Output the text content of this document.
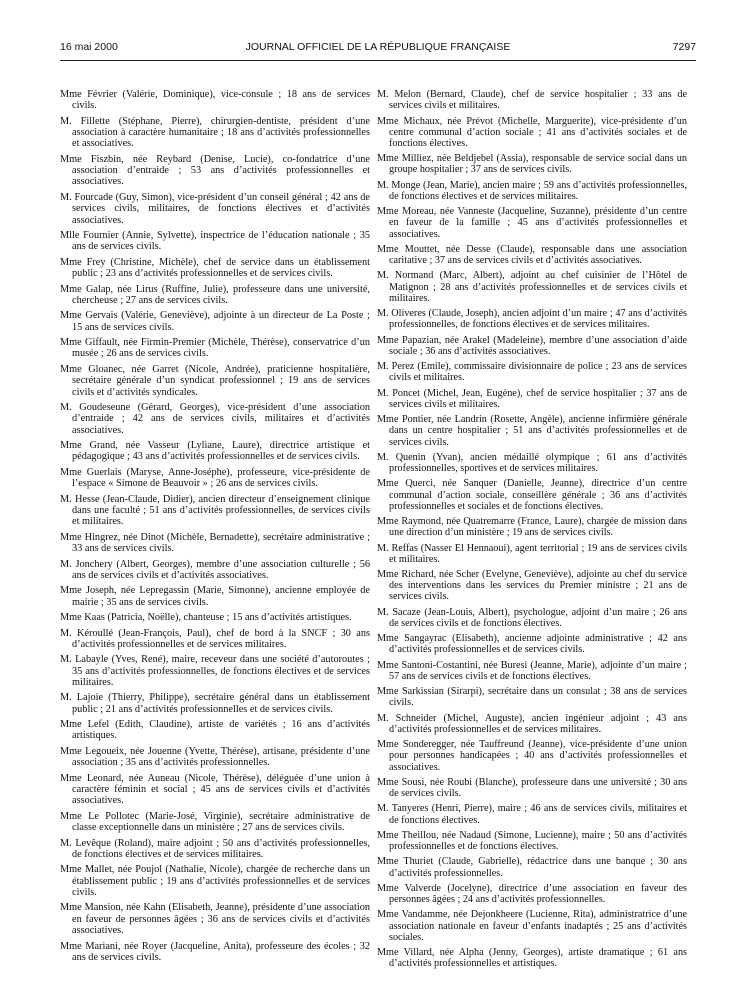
16 mai 2000	JOURNAL OFFICIEL DE LA RÉPUBLIQUE FRANÇAISE	7297

Mme Février (Valérie, Dominique), vice-consule ; 18 ans de services civils.

M. Fillette (Stéphane, Pierre), chirurgien-dentiste, président d’une association à caractère humanitaire ; 18 ans d’activités professionnelles et associatives.

Mme Fiszbin, née Reybard (Denise, Lucie), co-fondatrice d’une association d’entraide ; 53 ans d’activités professionnelles et associatives.

M. Fourcade (Guy, Simon), vice-président d’un conseil général ; 42 ans de services civils, militaires, de fonctions électives et d’activités associatives.

Mlle Fournier (Annie, Sylvette), inspectrice de l’éducation nationale ; 35 ans de services civils.

Mme Frey (Christine, Michèle), chef de service dans un établissement public ; 23 ans d’activités professionnelles et de services civils.

Mme Galap, née Lirus (Ruffine, Julie), professeure dans une université, chercheuse ; 27 ans de services civils.

Mme Gervais (Valérie, Geneviève), adjointe à un directeur de La Poste ; 15 ans de services civils.

Mme Giffault, née Firmin-Premier (Michèle, Thérèse), conservatrice d’un musée ; 26 ans de services civils.

Mme Gloanec, née Garret (Nicole, Andrée), praticienne hospitalière, secrétaire générale d’un syndicat professionnel ; 19 ans de services civils et d’activités syndicales.

M. Goudeseune (Gérard, Georges), vice-président d’une association d’entraide ; 42 ans de services civils, militaires et d’activités associatives.

Mme Grand, née Vasseur (Lyliane, Laure), directrice artistique et pédagogique ; 43 ans d’activités professionnelles et de services civils.

Mme Guerlais (Maryse, Anne-Joséphe), professeure, vice-présidente de l’espace « Simone de Beauvoir » ; 26 ans de services civils.

M. Hesse (Jean-Claude, Didier), ancien directeur d’enseignement clinique dans une faculté ; 51 ans d’activités professionnelles, de services civils et militaires.

Mme Hingrez, née Dinot (Michèle, Bernadette), secrétaire administrative ; 33 ans de services civils.

M. Jonchery (Albert, Georges), membre d’une association culturelle ; 56 ans de services civils et d’activités associatives.

Mme Joseph, née Lepregassin (Marie, Simonne), ancienne employée de mairie ; 35 ans de services civils.

Mme Kaas (Patricia, Noëlle), chanteuse ; 15 ans d’activités artistiques.

M. Kéroullé (Jean-François, Paul), chef de bord à la SNCF ; 30 ans d’activités professionnelles et de services militaires.

M. Labayle (Yves, René), maire, receveur dans une société d’autoroutes ; 35 ans d’activités professionnelles, de fonctions électives et de services militaires.

M. Lajoie (Thierry, Philippe), secrétaire général dans un établissement public ; 21 ans d’activités professionnelles et de services civils.

Mme Lefel (Edith, Claudine), artiste de variétés ; 16 ans d’activités artistiques.

Mme Legoueix, née Jouenne (Yvette, Thérèse), artisane, présidente d’une association ; 35 ans d’activités professionnelles.

Mme Leonard, née Auneau (Nicole, Thérèse), déléguée d’une union à caractère féminin et social ; 45 ans de services civils et d’activités associatives.

Mme Le Pollotec (Marie-José, Virginie), secrétaire administrative de classe exceptionnelle dans un ministère ; 27 ans de services civils.

M. Levêque (Roland), maire adjoint ; 50 ans d’activités professionnelles, de fonctions électives et de services militaires.

Mme Mallet, née Poujol (Nathalie, Nicole), chargée de recherche dans un établissement public ; 19 ans d’activités professionnelles et de services civils.

Mme Mansion, née Kahn (Elisabeth, Jeanne), présidente d’une association en faveur de personnes âgées ; 36 ans de services civils et d’activités associatives.

Mme Mariani, née Royer (Jacqueline, Anita), professeure des écoles ; 32 ans de services civils.

M. Melon (Bernard, Claude), chef de service hospitalier ; 33 ans de services civils et militaires.

Mme Michaux, née Prévot (Michelle, Marguerite), vice-présidente d’un centre communal d’action sociale ; 41 ans d’activités sociales et de fonctions électives.

Mme Milliez, née Beldjebel (Assia), responsable de service social dans un groupe hospitalier ; 37 ans de services civils.

M. Monge (Jean, Marie), ancien maire ; 59 ans d’activités professionnelles, de fonctions électives et de services militaires.

Mme Moreau, née Vanneste (Jacqueline, Suzanne), présidente d’un centre en faveur de la famille ; 45 ans d’activités professionnelles et associatives.

Mme Mouttet, née Desse (Claude), responsable dans une association caritative ; 37 ans de services civils et d’activités associatives.

M. Normand (Marc, Albert), adjoint au chef cuisinier de l’Hôtel de Matignon ; 28 ans d’activités professionnelles et de services civils et militaires.

M. Oliveres (Claude, Joseph), ancien adjoint d’un maire ; 47 ans d’activités professionnelles, de fonctions électives et de services militaires.

Mme Papazian, née Arakel (Madeleine), membre d’une association d’aide sociale ; 36 ans d’activités associatives.

M. Perez (Emile), commissaire divisionnaire de police ; 23 ans de services civils et militaires.

M. Poncet (Michel, Jean, Eugène), chef de service hospitalier ; 37 ans de services civils et militaires.

Mme Pontier, née Landrin (Rosette, Angèle), ancienne infirmière générale dans un centre hospitalier ; 51 ans d’activités professionnelles et de services civils.

M. Quenin (Yvan), ancien médaillé olympique ; 61 ans d’activités professionnelles, sportives et de services militaires.

Mme Querci, née Sanquer (Danielle, Jeanne), directrice d’un centre communal d’action sociale, conseillère générale ; 36 ans d’activités professionnelles et sociales et de fonctions électives.

Mme Raymond, née Quatremarre (France, Laure), chargée de mission dans une direction d’un ministère ; 19 ans de services civils.

M. Reffas (Nasser El Hennaoui), agent territorial ; 19 ans de services civils et militaires.

Mme Richard, née Scher (Evelyne, Geneviève), adjointe au chef du service des interventions dans les services du Premier ministre ; 21 ans de services civils.

M. Sacaze (Jean-Louis, Albert), psychologue, adjoint d’un maire ; 26 ans de services civils et de fonctions électives.

Mme Sangayrac (Elisabeth), ancienne adjointe administrative ; 42 ans d’activités professionnelles et de services civils.

Mme Santoni-Costantini, née Buresi (Jeanne, Marie), adjointe d’un maire ; 57 ans de services civils et de fonctions électives.

Mme Sarkissian (Sirarpi), secrétaire dans un consulat ; 38 ans de services civils.

M. Schneider (Michel, Auguste), ancien ingénieur adjoint ; 43 ans d’activités professionnelles et de services militaires.

Mme Sonderegger, née Tauffreund (Jeanne), vice-présidente d’une union pour personnes handicapées ; 40 ans d’activités professionnelles et associatives.

Mme Sousi, née Roubi (Blanche), professeure dans une université ; 30 ans de services civils.

M. Tanyeres (Henri, Pierre), maire ; 46 ans de services civils, militaires et de fonctions électives.

Mme Theillou, née Nadaud (Simone, Lucienne), maire ; 50 ans d’activités professionnelles et de fonctions électives.

Mme Thuriet (Claude, Gabrielle), rédactrice dans une banque ; 30 ans d’activités professionnelles.

Mme Valverde (Jocelyne), directrice d’une association en faveur des personnes âgées ; 24 ans d’activités professionnelles.

Mme Vandamme, née Dejonkheere (Lucienne, Rita), administratrice d’une association nationale en faveur d’enfants inadaptés ; 25 ans d’activités sociales.

Mme Villard, née Alpha (Jenny, Georges), artiste dramatique ; 61 ans d’activités professionnelles et artistiques.
